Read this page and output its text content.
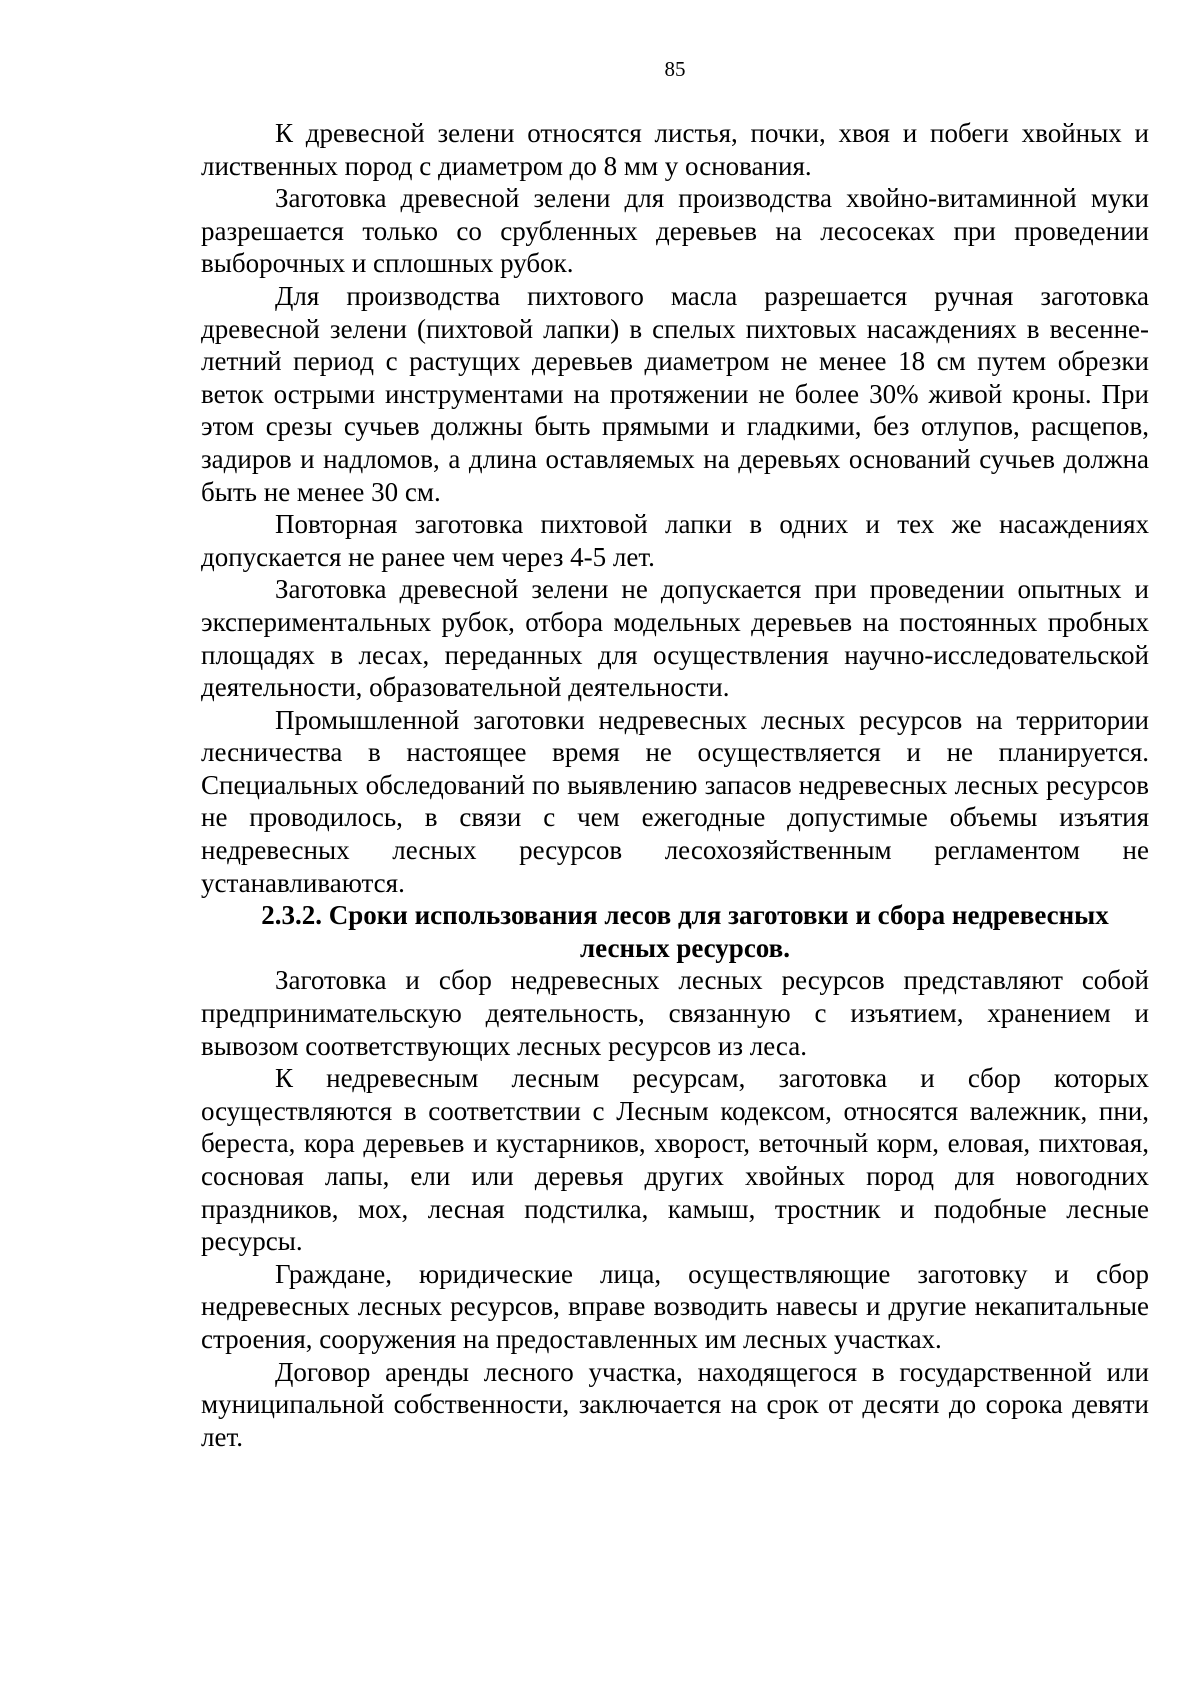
85

К древесной зелени относятся листья, почки, хвоя и побеги хвойных и лиственных пород с диаметром до 8 мм у основания.

Заготовка древесной зелени для производства хвойно-витаминной муки разрешается только со срубленных деревьев на лесосеках при проведении выборочных и сплошных рубок.

Для производства пихтового масла разрешается ручная заготовка древесной зелени (пихтовой лапки) в спелых пихтовых насаждениях в весенне-летний период с растущих деревьев диаметром не менее 18 см путем обрезки веток острыми инструментами на протяжении не более 30% живой кроны. При этом срезы сучьев должны быть прямыми и гладкими, без отлупов, расщепов, задиров и надломов, а длина оставляемых на деревьях оснований сучьев должна быть не менее 30 см.

Повторная заготовка пихтовой лапки в одних и тех же насаждениях допускается не ранее чем через 4-5 лет.

Заготовка древесной зелени не допускается при проведении опытных и экспериментальных рубок, отбора модельных деревьев на постоянных пробных площадях в лесах, переданных для осуществления научно-исследовательской деятельности, образовательной деятельности.

Промышленной заготовки недревесных лесных ресурсов на территории лесничества в настоящее время не осуществляется и не планируется. Специальных обследований по выявлению запасов недревесных лесных ресурсов не проводилось, в связи с чем ежегодные допустимые объемы изъятия недревесных лесных ресурсов лесохозяйственным регламентом не устанавливаются.

2.3.2. Сроки использования лесов для заготовки и сбора недревесных
лесных ресурсов.

Заготовка и сбор недревесных лесных ресурсов представляют собой предпринимательскую деятельность, связанную с изъятием, хранением и вывозом соответствующих лесных ресурсов из леса.

К недревесным лесным ресурсам, заготовка и сбор которых осуществляются в соответствии с Лесным кодексом, относятся валежник, пни, береста, кора деревьев и кустарников, хворост, веточный корм, еловая, пихтовая, сосновая лапы, ели или деревья других хвойных пород для новогодних праздников, мох, лесная подстилка, камыш, тростник и подобные лесные ресурсы.

Граждане, юридические лица, осуществляющие заготовку и сбор недревесных лесных ресурсов, вправе возводить навесы и другие некапитальные строения, сооружения на предоставленных им лесных участках.

Договор аренды лесного участка, находящегося в государственной или муниципальной собственности, заключается на срок от десяти до сорока девяти лет.
